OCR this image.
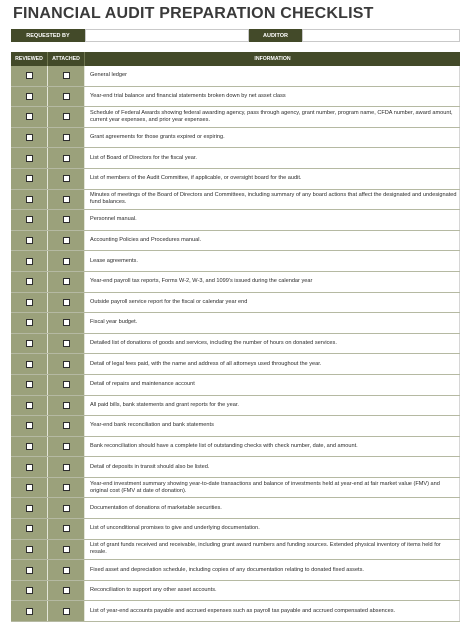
FINANCIAL AUDIT PREPARATION CHECKLIST
REQUESTED BY	AUDITOR
REVIEWED	ATTACHED	INFORMATION
General ledger
Year-end trial balance and financial statements broken down by net asset class
Schedule of Federal Awards showing federal awarding agency, pass through agency, grant number, program name, CFDA number, award amount, current year expenses, and prior year expenses.
Grant agreements for those grants expired or expiring.
List of Board of Directors for the fiscal year.
List of members of the Audit Committee, if applicable, or oversight board for the audit.
Minutes of meetings of the Board of Directors and Committees, including summary of any board actions that affect the designated and undesignated fund balances.
Personnel manual.
Accounting Policies and Procedures manual.
Lease agreements.
Year-end payroll tax reports, Forms W-2, W-3, and 1099's issued during the calendar year
Outside payroll service report for the fiscal or calendar year end
Fiscal year budget.
Detailed list of donations of goods and services, including the number of hours on donated services.
Detail of legal fees paid, with the name and address of all attorneys used throughout the year.
Detail of repairs and maintenance account
All paid bills, bank statements and grant reports for the year.
Year-end bank reconciliation and bank statements
Bank reconciliation should have a complete list of outstanding checks with check number, date, and amount.
Detail of deposits in transit should also be listed.
Year-end investment summary showing year-to-date transactions and balance of investments held at year-end at fair market value (FMV) and original cost (FMV at date of donation).
Documentation of donations of marketable securities.
List of unconditional promises to give and underlying documentation.
List of grant funds received and receivable, including grant award numbers and funding sources. Extended physical inventory of items held for resale.
Fixed asset and depreciation schedule, including copies of any documentation relating to donated fixed assets.
Reconciliation to support any other asset accounts.
List of year-end accounts payable and accrued expenses such as payroll tax payable and accrued compensated absences.
